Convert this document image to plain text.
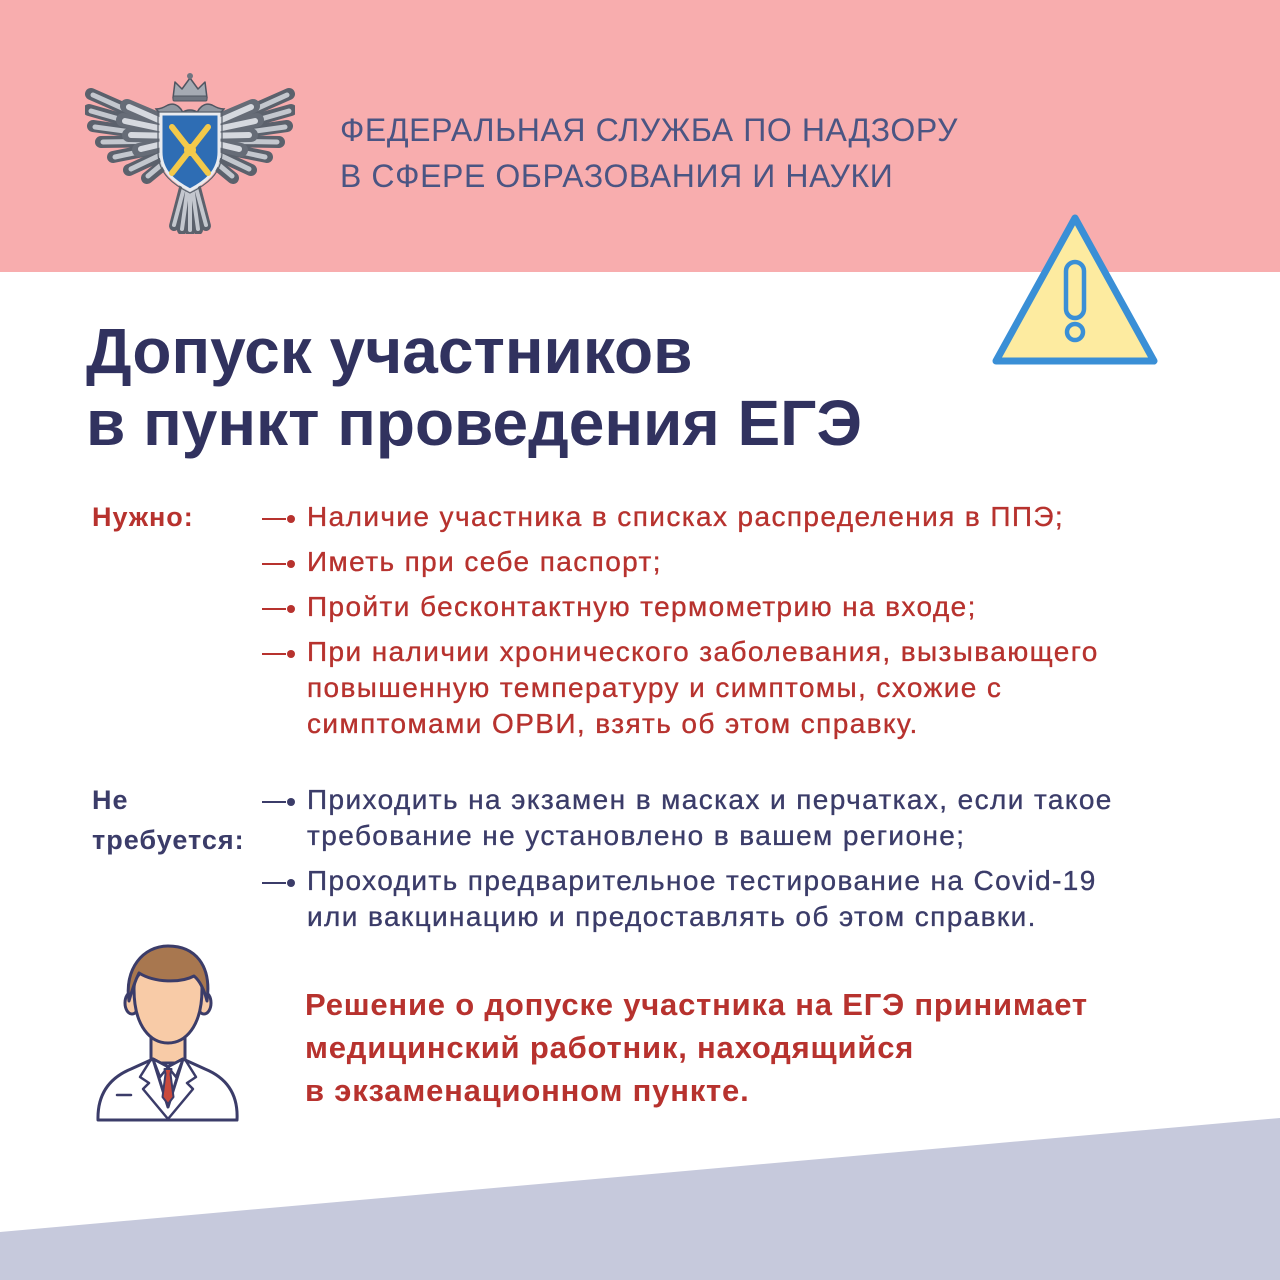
ФЕДЕРАЛЬНАЯ СЛУЖБА ПО НАДЗОРУ
В СФЕРЕ ОБРАЗОВАНИЯ И НАУКИ
Допуск участников
в пункт проведения ЕГЭ
Нужно:	Наличие участника в списках распределения в ППЭ;
Иметь при себе паспорт;
Пройти бесконтактную термометрию на входе;
При наличии хронического заболевания, вызывающего
повышенную температуру и симптомы, схожие с
симптомами ОРВИ, взять об этом справку.
Не
требуется:
Приходить на экзамен в масках и перчатках, если такое
требование не установлено в вашем регионе;
Проходить предварительное тестирование на Covid-19
или вакцинацию и предоставлять об этом справки.

Решение о допуске участника на ЕГЭ принимает
медицинский работник, находящийся
в экзаменационном пункте.
